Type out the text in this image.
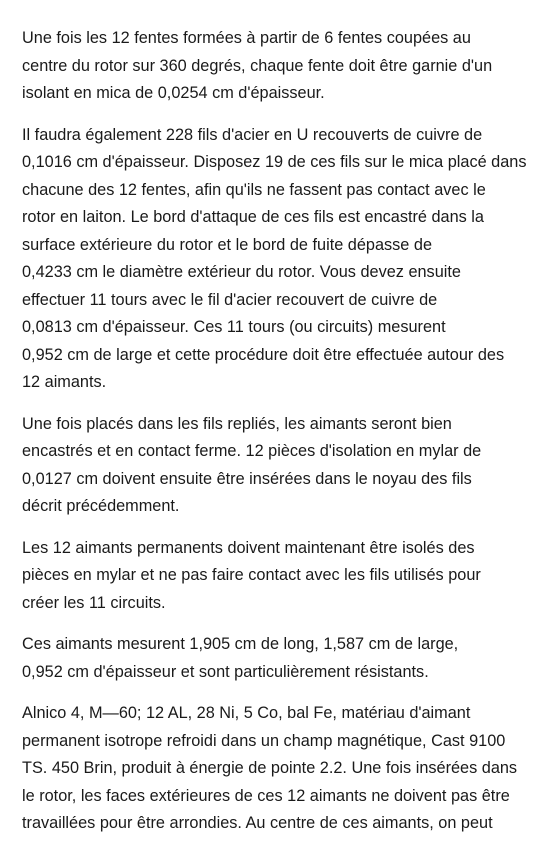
Une fois les 12 fentes formées à partir de 6 fentes coupées au
centre du rotor sur 360 degrés, chaque fente doit être garnie d'un
isolant en mica de 0,0254 cm d'épaisseur.

Il faudra également 228 fils d'acier en U recouverts de cuivre de
0,1016 cm d'épaisseur. Disposez 19 de ces fils sur le mica placé dans
chacune des 12 fentes, afin qu'ils ne fassent pas contact avec le
rotor en laiton. Le bord d'attaque de ces fils est encastré dans la
surface extérieure du rotor et le bord de fuite dépasse de
0,4233 cm le diamètre extérieur du rotor. Vous devez ensuite
effectuer 11 tours avec le fil d'acier recouvert de cuivre de
0,0813 cm d'épaisseur. Ces 11 tours (ou circuits) mesurent
0,952 cm de large et cette procédure doit être effectuée autour des
12 aimants.

Une fois placés dans les fils repliés, les aimants seront bien
encastrés et en contact ferme. 12 pièces d'isolation en mylar de
0,0127 cm doivent ensuite être insérées dans le noyau des fils
décrit précédemment.

Les 12 aimants permanents doivent maintenant être isolés des
pièces en mylar et ne pas faire contact avec les fils utilisés pour
créer les 11 circuits.

Ces aimants mesurent 1,905 cm de long, 1,587 cm de large,
0,952 cm d'épaisseur et sont particulièrement résistants.

Alnico 4, M—60; 12 AL, 28 Ni, 5 Co, bal Fe, matériau d'aimant
permanent isotrope refroidi dans un champ magnétique, Cast 9100
TS. 450 Brin, produit à énergie de pointe 2.2. Une fois insérées dans
le rotor, les faces extérieures de ces 12 aimants ne doivent pas être
travaillées pour être arrondies. Au centre de ces aimants, on peut
